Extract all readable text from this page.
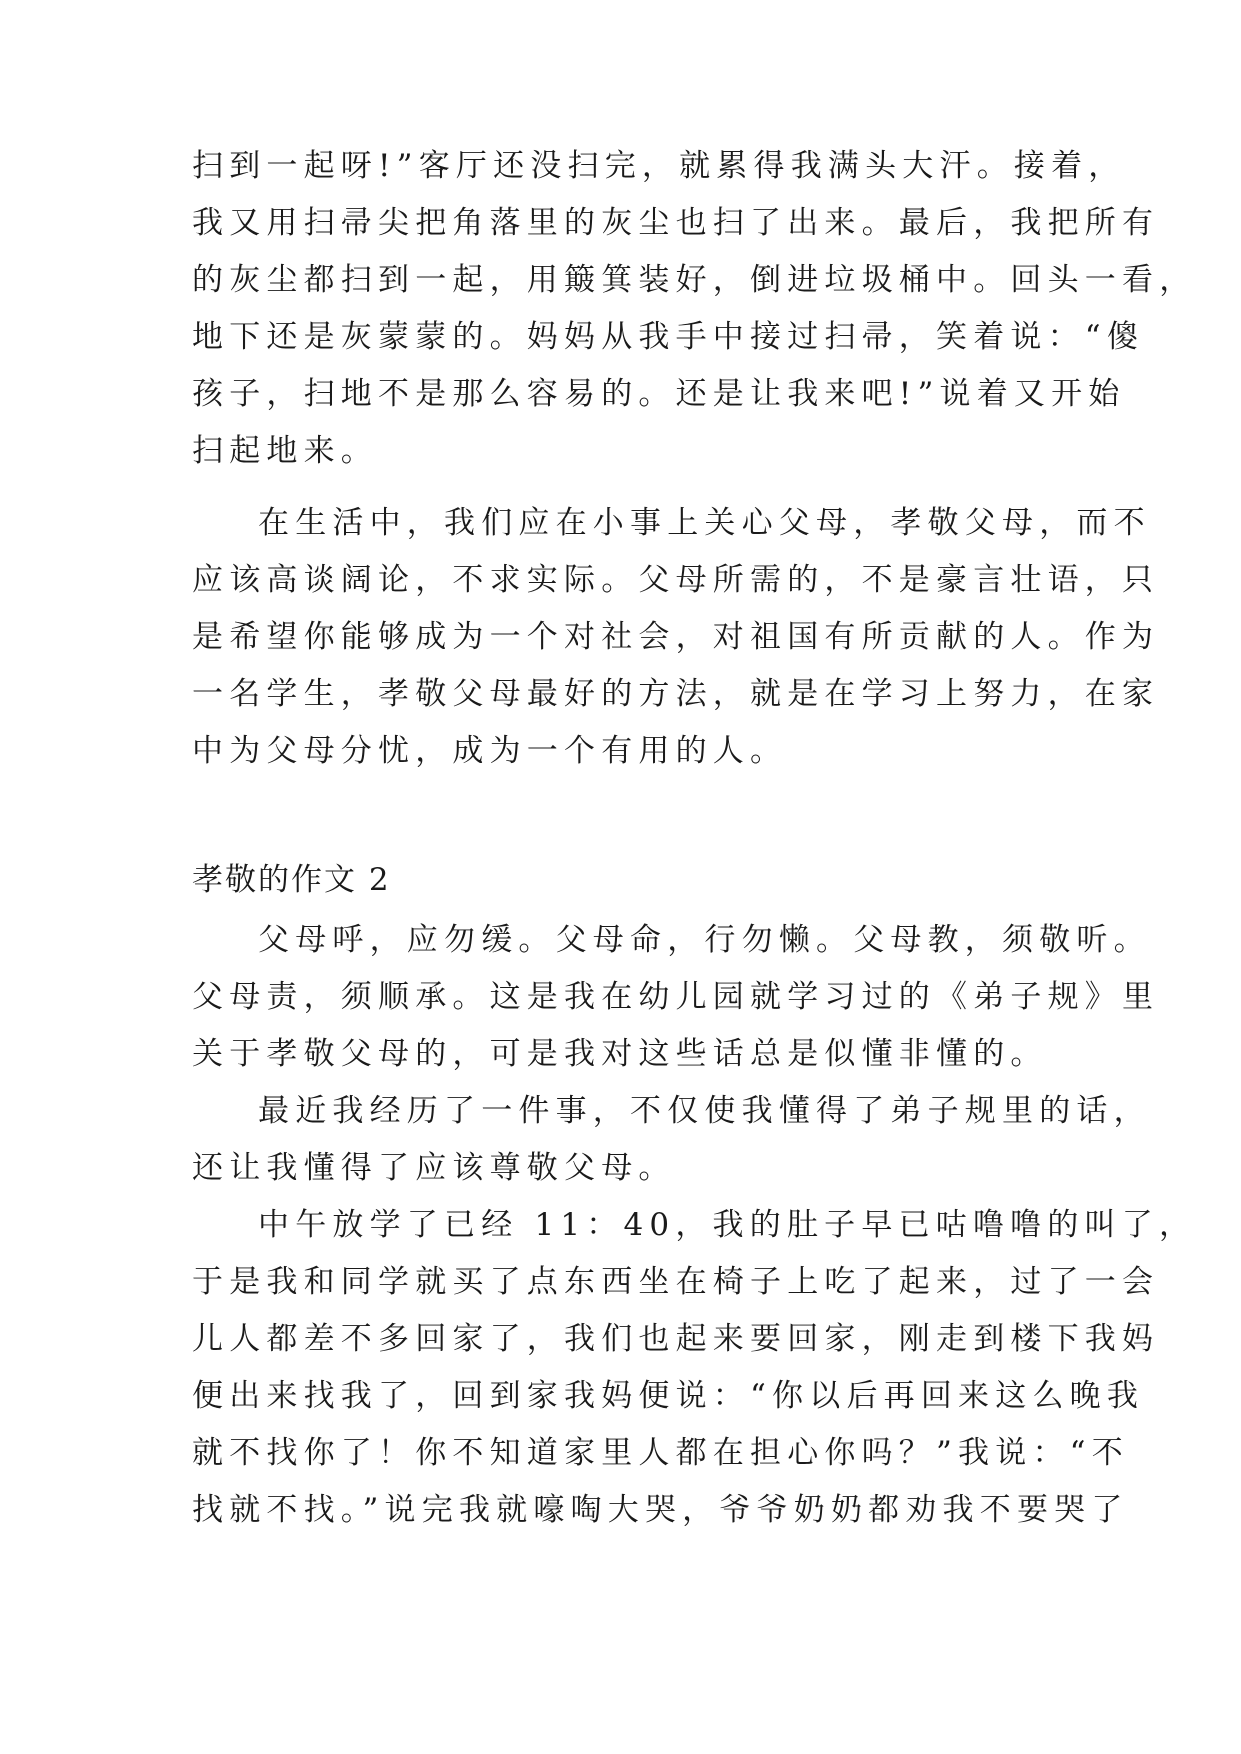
扫到一起呀!”客厅还没扫完，就累得我满头大汗。接着，
我又用扫帚尖把角落里的灰尘也扫了出来。最后，我把所有
的灰尘都扫到一起，用簸箕装好，倒进垃圾桶中。回头一看，
地下还是灰蒙蒙的。妈妈从我手中接过扫帚，笑着说：“傻
孩子，扫地不是那么容易的。还是让我来吧!”说着又开始
扫起地来。
在生活中，我们应在小事上关心父母，孝敬父母，而不
应该高谈阔论，不求实际。父母所需的，不是豪言壮语，只
是希望你能够成为一个对社会，对祖国有所贡献的人。作为
一名学生，孝敬父母最好的方法，就是在学习上努力，在家
中为父母分忧，成为一个有用的人。
孝敬的作文 2
父母呼，应勿缓。父母命，行勿懒。父母教，须敬听。
父母责，须顺承。这是我在幼儿园就学习过的《弟子规》里
关于孝敬父母的，可是我对这些话总是似懂非懂的。
最近我经历了一件事，不仅使我懂得了弟子规里的话，
还让我懂得了应该尊敬父母。
中午放学了已经 11：40，我的肚子早已咕噜噜的叫了，
于是我和同学就买了点东西坐在椅子上吃了起来，过了一会
儿人都差不多回家了，我们也起来要回家，刚走到楼下我妈
便出来找我了，回到家我妈便说：“你以后再回来这么晚我
就不找你了！你不知道家里人都在担心你吗？”我说：“不
找就不找。”说完我就嚎啕大哭，爷爷奶奶都劝我不要哭了
